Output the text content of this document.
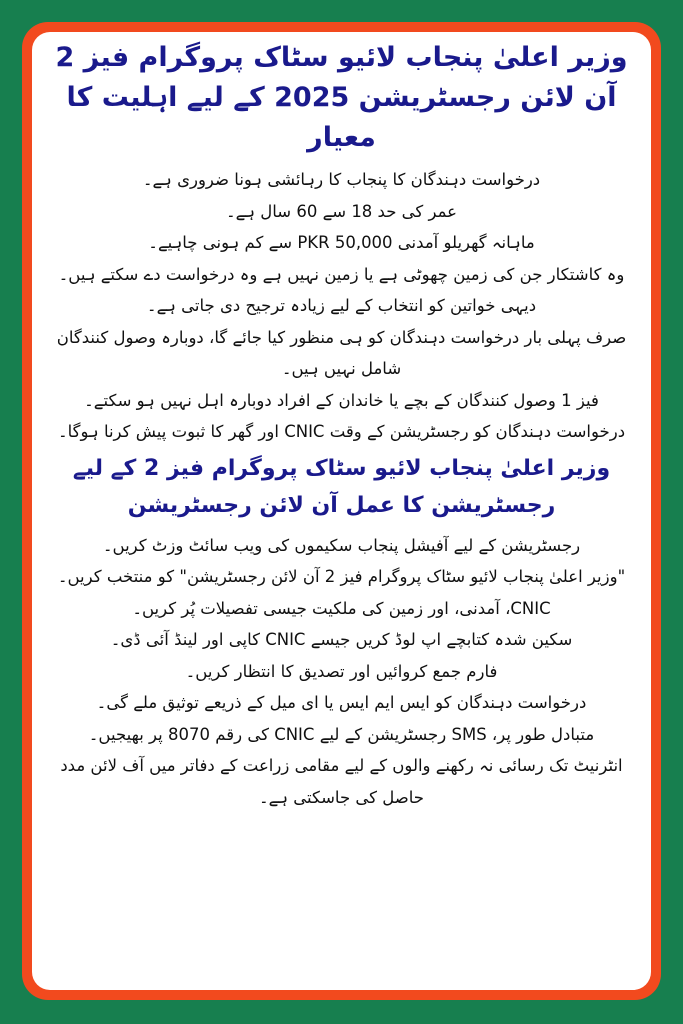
وزیر اعلیٰ پنجاب لائیو سٹاک پروگرام فیز 2 آن لائن رجسٹریشن 2025 کے لیے اہلیت کا معیار

درخواست دہندگان کا پنجاب کا رہائشی ہونا ضروری ہے۔

عمر کی حد 18 سے 60 سال ہے۔

ماہانہ گھریلو آمدنی PKR 50,000 سے کم ہونی چاہیے۔

وہ کاشتکار جن کی زمین چھوٹی ہے یا زمین نہیں ہے وہ درخواست دے سکتے ہیں۔

دیہی خواتین کو انتخاب کے لیے زیادہ ترجیح دی جاتی ہے۔

صرف پہلی بار درخواست دہندگان کو ہی منظور کیا جائے گا، دوبارہ وصول کنندگان شامل نہیں ہیں۔

فیز 1 وصول کنندگان کے بچے یا خاندان کے افراد دوبارہ اہل نہیں ہو سکتے۔

درخواست دہندگان کو رجسٹریشن کے وقت CNIC اور گھر کا ثبوت پیش کرنا ہوگا۔

وزیر اعلیٰ پنجاب لائیو سٹاک پروگرام فیز 2 کے لیے رجسٹریشن کا عمل آن لائن رجسٹریشن

رجسٹریشن کے لیے آفیشل پنجاب سکیموں کی ویب سائٹ وزٹ کریں۔

"وزیر اعلیٰ پنجاب لائیو سٹاک پروگرام فیز 2 آن لائن رجسٹریشن" کو منتخب کریں۔

CNIC، آمدنی، اور زمین کی ملکیت جیسی تفصیلات پُر کریں۔

سکین شدہ کتابچے اپ لوڈ کریں جیسے CNIC کاپی اور لینڈ آئی ڈی۔

فارم جمع کروائیں اور تصدیق کا انتظار کریں۔

درخواست دہندگان کو ایس ایم ایس یا ای میل کے ذریعے توثیق ملے گی۔

متبادل طور پر، SMS رجسٹریشن کے لیے CNIC کی رقم 8070 پر بھیجیں۔

انٹرنیٹ تک رسائی نہ رکھنے والوں کے لیے مقامی زراعت کے دفاتر میں آف لائن مدد حاصل کی جاسکتی ہے۔
